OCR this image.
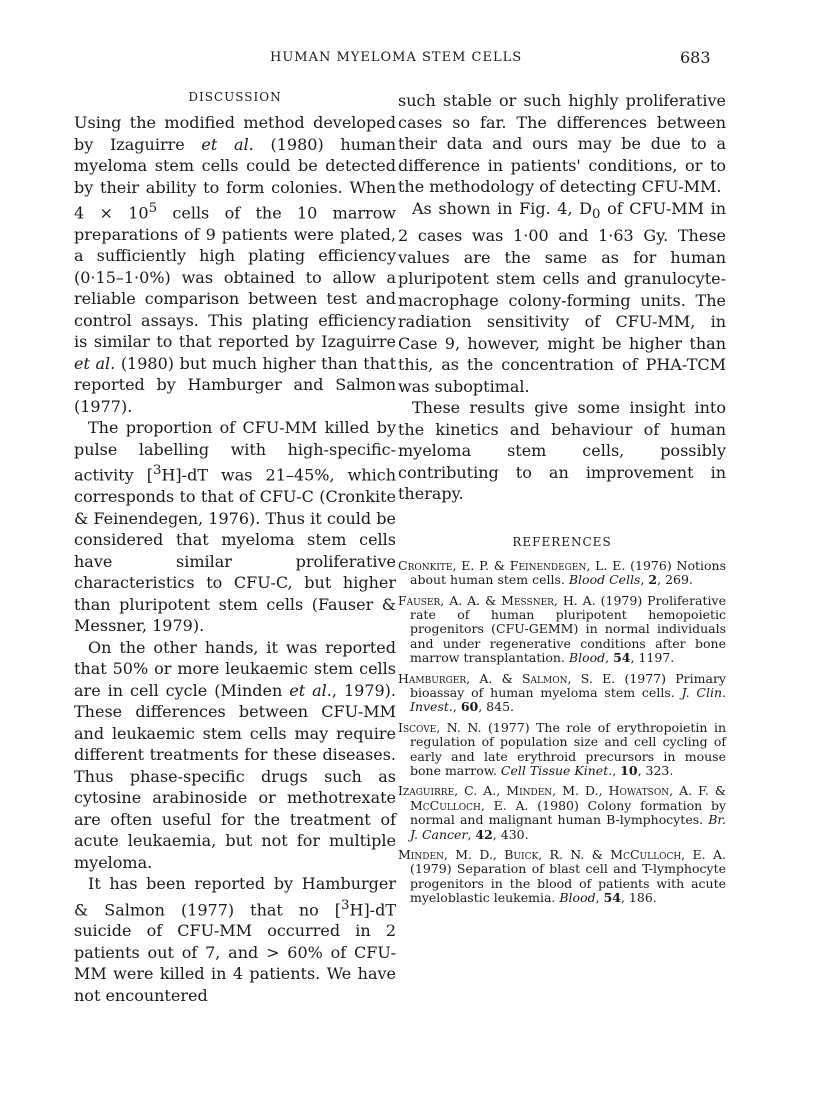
HUMAN MYELOMA STEM CELLS	683
DISCUSSION

Using the modified method developed by Izaguirre et al. (1980) human myeloma stem cells could be detected by their ability to form colonies. When $4 \times 10^5$ cells of the 10 marrow preparations of 9 patients were plated, a sufficiently high plating efficiency (0·15–1·0%) was obtained to allow a reliable comparison between test and control assays. This plating efficiency is similar to that reported by Izaguirre et al. (1980) but much higher than that reported by Hamburger and Salmon (1977).

The proportion of CFU-MM killed by pulse labelling with high-specific-activity [$^3$H]-dT was 21–45%, which corresponds to that of CFU-C (Cronkite & Feinendegen, 1976). Thus it could be considered that myeloma stem cells have similar proliferative characteristics to CFU-C, but higher than pluripotent stem cells (Fauser & Messner, 1979).

On the other hands, it was reported that 50% or more leukaemic stem cells are in cell cycle (Minden et al., 1979). These differences between CFU-MM and leukaemic stem cells may require different treatments for these diseases. Thus phase-specific drugs such as cytosine arabinoside or methotrexate are often useful for the treatment of acute leukaemia, but not for multiple myeloma.

It has been reported by Hamburger & Salmon (1977) that no [$^3$H]-dT suicide of CFU-MM occurred in 2 patients out of 7, and > 60% of CFU-MM were killed in 4 patients. We have not encountered

such stable or such highly proliferative cases so far. The differences between their data and ours may be due to a difference in patients' conditions, or to the methodology of detecting CFU-MM.

As shown in Fig. 4, $D_0$ of CFU-MM in 2 cases was 1·00 and 1·63 Gy. These values are the same as for human pluripotent stem cells and granulocyte-macrophage colony-forming units. The radiation sensitivity of CFU-MM, in Case 9, however, might be higher than this, as the concentration of PHA-TCM was suboptimal.

These results give some insight into the kinetics and behaviour of human myeloma stem cells, possibly contributing to an improvement in therapy.

REFERENCES
Cronkite, E. P. & Feinendegen, L. E. (1976) Notions about human stem cells. Blood Cells, 2, 269.
Fauser, A. A. & Messner, H. A. (1979) Proliferative rate of human pluripotent hemopoietic progenitors (CFU-GEMM) in normal individuals and under regenerative conditions after bone marrow transplantation. Blood, 54, 1197.
Hamburger, A. & Salmon, S. E. (1977) Primary bioassay of human myeloma stem cells. J. Clin. Invest., 60, 845.
Iscove, N. N. (1977) The role of erythropoietin in regulation of population size and cell cycling of early and late erythroid precursors in mouse bone marrow. Cell Tissue Kinet., 10, 323.
Izaguirre, C. A., Minden, M. D., Howatson, A. F. & McCulloch, E. A. (1980) Colony formation by normal and malignant human B-lymphocytes. Br. J. Cancer, 42, 430.
Minden, M. D., Buick, R. N. & McCulloch, E. A. (1979) Separation of blast cell and T-lymphocyte progenitors in the blood of patients with acute myeloblastic leukemia. Blood, 54, 186.
